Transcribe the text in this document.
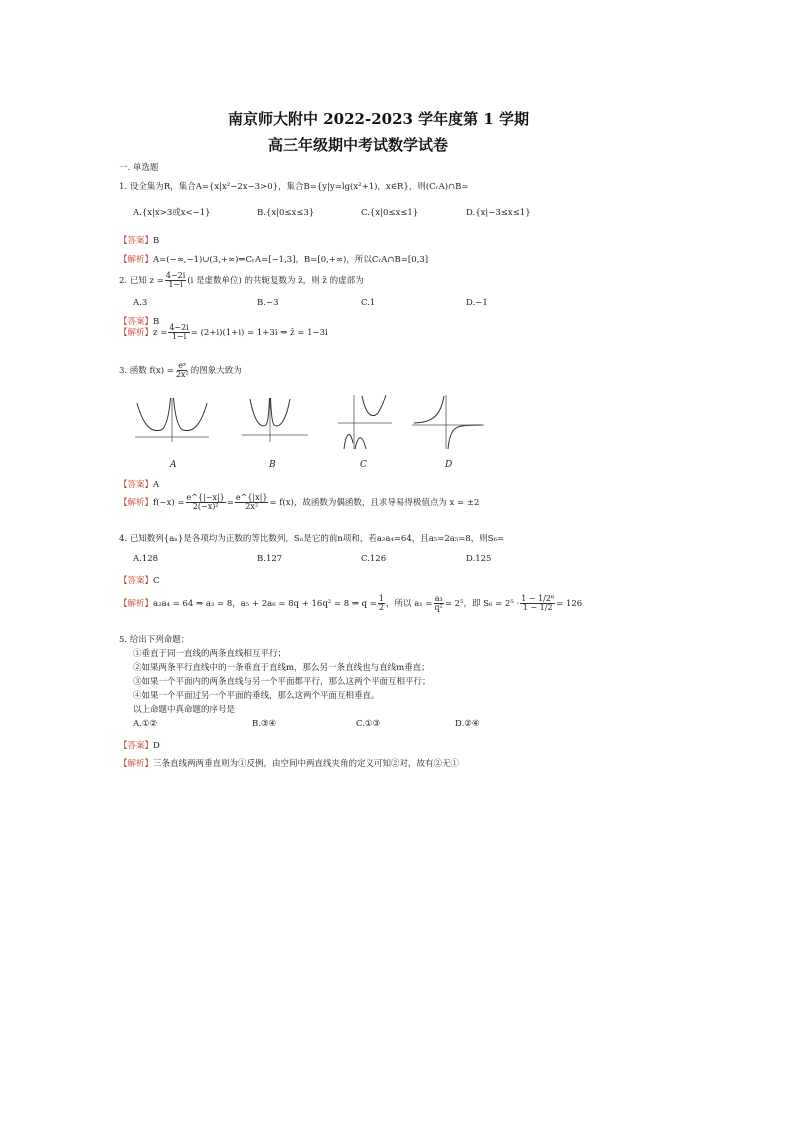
南京师大附中 2022-2023 学年度第 1 学期
高三年级期中考试数学试卷
一. 单选题
1. 设全集为R，集合A={x|x²−2x−3>0}，集合B={y|y=lg(x²+1)，x∈R}，则(CᵣA)∩B=
A.{x|x>3或x<−1}	B.{x|0≤x≤3}	C.{x|0≤x≤1}	D.{x|−3≤x≤1}
【答案】B
【解析】A=(−∞,−1)∪(3,+∞)⇒CᵣA=[−1,3]，B=[0,+∞)，所以CᵣA∩B=[0,3]
2. 已知 $z = \frac{4-2i}{1-i} (i$ 是虚数单位) 的共轭复数为 z̄，则 z̄ 的虚部为
A.3	B.−3	C.1	D.−1
【答案】B
【解析】 $z = \frac{4-2i}{1-i} = (2+i)(1+i) = 1+3i$ ⇒ z̄ = 1−3i
3. 函数 $f(x) = \frac{\text{eˣ}}{\text{2x²}}$ 的图象大致为
A	B	C	D
【答案】A
【解析】 $f(-x) = \frac{e\^{}\{|-x|\}}{\text{2(−x)²}} = \frac{e\^{}\{|x|\}}{\text{2x²}} = f(x)$，故函数为偶函数，且求导易得极值点为 x = ±2
4. 已知数列{aₙ}是各项均为正数的等比数列，Sₙ是它的前n项和，若a₂a₄=64，且a₅=2a₅=8，则S₆=
A.128	B.127	C.126	D.125
【答案】C
【解析】 a₂a₄ = 64 ⇒ a₃ = 8，a₅ + 2a₆ = 8q + 16q² = 8 ⇒ $q = \frac{1}{2}$ ，所以 $a_1 = \frac{\text{a₃}}{\text{q²}} = 2^5$，即 $S_6 = 2^5 \cdot \frac{\text{1 − 1/2⁶}}{1 - 1/2} = 126$
5. 给出下列命题：
①垂直于同一直线的两条直线相互平行；
②如果两条平行直线中的一条垂直于直线m，那么另一条直线也与直线m垂直；
③如果一个平面内的两条直线与另一个平面都平行，那么这两个平面互相平行；
④如果一个平面过另一个平面的垂线，那么这两个平面互相垂直。
以上命题中真命题的序号是
A.①②	B.③④	C.①③	D.②④
【答案】D
【解析】三条直线两两垂直则为①反例，由空间中两直线夹角的定义可知②对，故有②无①
